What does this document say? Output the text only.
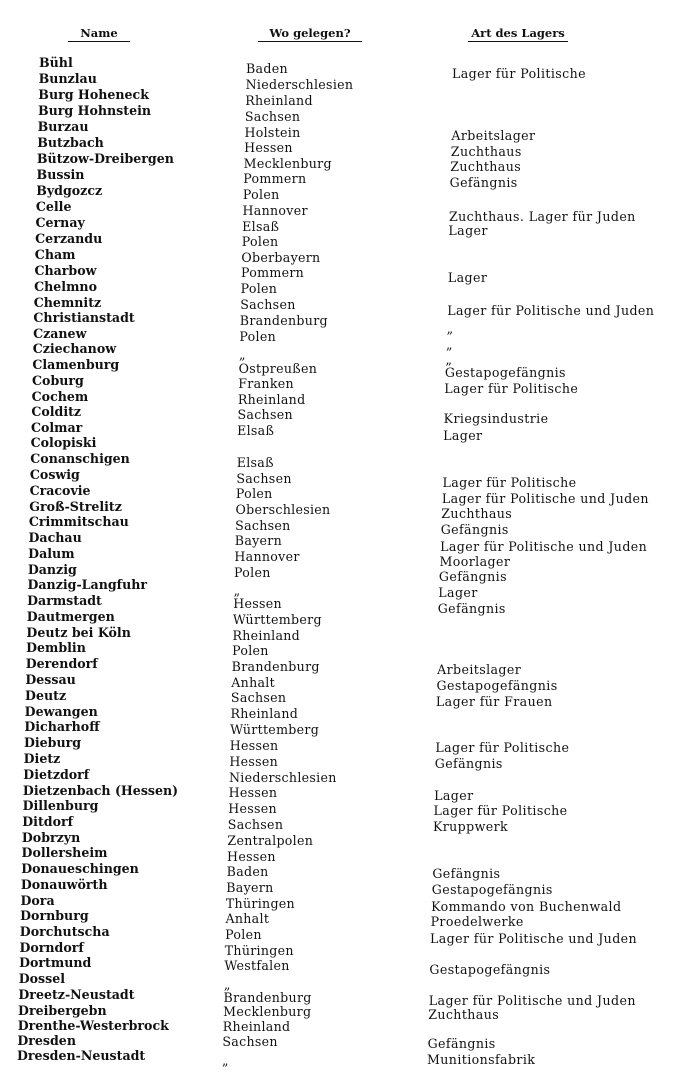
Name	Wo gelegen?	Art des Lagers
Bühl
Bunzlau
Burg Hoheneck
Burg Hohnstein
Burzau
Butzbach
Bützow-Dreibergen
Bussin
Bydgozcz
Celle
Cernay
Cerzandu
Cham
Charbow
Chelmno
Chemnitz
Christianstadt
Czanew
Cziechanow
Clamenburg
Coburg
Cochem
Colditz
Colmar
Colopiski
Conanschigen
Coswig
Cracovie
Groß-Strelitz
Crimmitschau
Dachau
Dalum
Danzig
Danzig-Langfuhr
Darmstadt
Dautmergen
Deutz bei Köln
Demblin
Derendorf
Dessau
Deutz
Dewangen
Dicharhoff
Dieburg
Dietz
Dietzdorf
Dietzenbach (Hessen)
Dillenburg
Ditdorf
Dobrzyn
Dollersheim
Donaueschingen
Donauwörth
Dora
Dornburg
Dorchutscha
Dorndorf
Dortmund
Dossel
Dreetz-Neustadt
Dreibergebn
Drenthe-Westerbrock
Dresden
Dresden-Neustadt
Baden
Niederschlesien
Rheinland
Sachsen
Holstein
Hessen
Mecklenburg
Pommern
Polen
Hannover
Elsaß
Polen
Oberbayern
Pommern
Polen
Sachsen
Brandenburg
Polen
„
Ostpreußen
Franken
Rheinland
Sachsen
Elsaß
Elsaß
Sachsen
Polen
Oberschlesien
Sachsen
Bayern
Hannover
Polen
„
Hessen
Württemberg
Rheinland
Polen
Brandenburg
Anhalt
Sachsen
Rheinland
Württemberg
Hessen
Hessen
Niederschlesien
Hessen
Hessen
Sachsen
Zentralpolen
Hessen
Baden
Bayern
Thüringen
Anhalt
Polen
Thüringen
Westfalen
„
Brandenburg
Mecklenburg
Rheinland
Sachsen
„
Lager für Politische
Arbeitslager
Zuchthaus
Zuchthaus
Gefängnis
Zuchthaus. Lager für Juden
Lager
Lager
Lager für Politische und Juden
„
„
„
Gestapogefängnis
Lager für Politische
Kriegsindustrie
Lager
Lager für Politische
Lager für Politische und Juden
Zuchthaus
Gefängnis
Lager für Politische und Juden
Moorlager
Gefängnis
Lager
Gefängnis
Arbeitslager
Gestapogefängnis
Lager für Frauen
Lager für Politische
Gefängnis
Lager
Lager für Politische
Kruppwerk
Gefängnis
Gestapogefängnis
Kommando von Buchenwald
Proedelwerke
Lager für Politische und Juden
Gestapogefängnis
Lager für Politische und Juden
Zuchthaus
Gefängnis
Munitionsfabrik
